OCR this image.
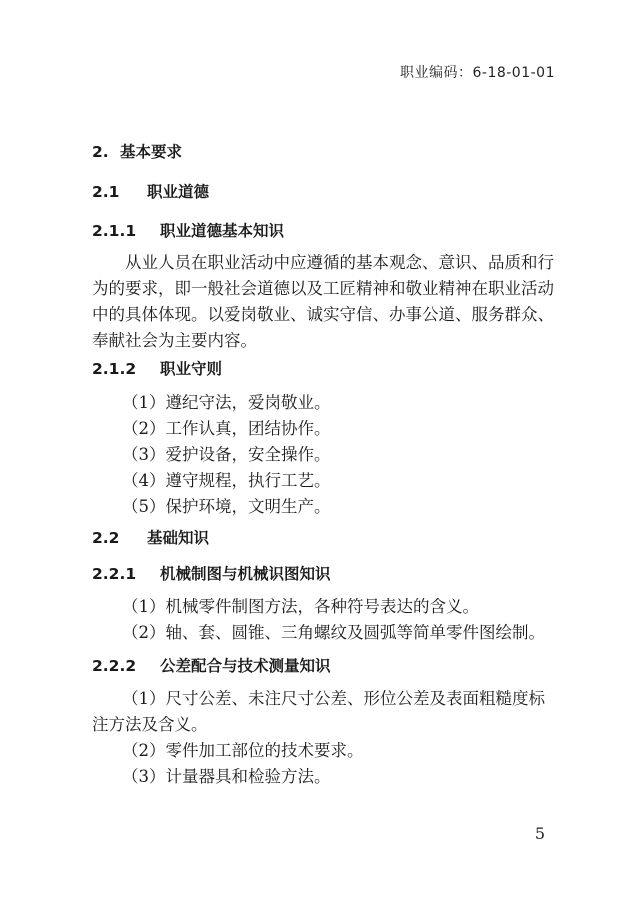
职业编码：6-18-01-01
2. 基本要求
2.1 职业道德
2.1.1 职业道德基本知识

从业人员在职业活动中应遵循的基本观念、意识、品质和行为的要求，即一般社会道德以及工匠精神和敬业精神在职业活动中的具体体现。以爱岗敬业、诚实守信、办事公道、服务群众、奉献社会为主要内容。

2.1.2 职业守则
（1）遵纪守法，爱岗敬业。
（2）工作认真，团结协作。
（3）爱护设备，安全操作。
（4）遵守规程，执行工艺。
（5）保护环境，文明生产。
2.2 基础知识
2.2.1 机械制图与机械识图知识
（1）机械零件制图方法，各种符号表达的含义。
（2）轴、套、圆锥、三角螺纹及圆弧等简单零件图绘制。
2.2.2 公差配合与技术测量知识

（1）尺寸公差、未注尺寸公差、形位公差及表面粗糙度标注方法及含义。

（2）零件加工部位的技术要求。
（3）计量器具和检验方法。
5
